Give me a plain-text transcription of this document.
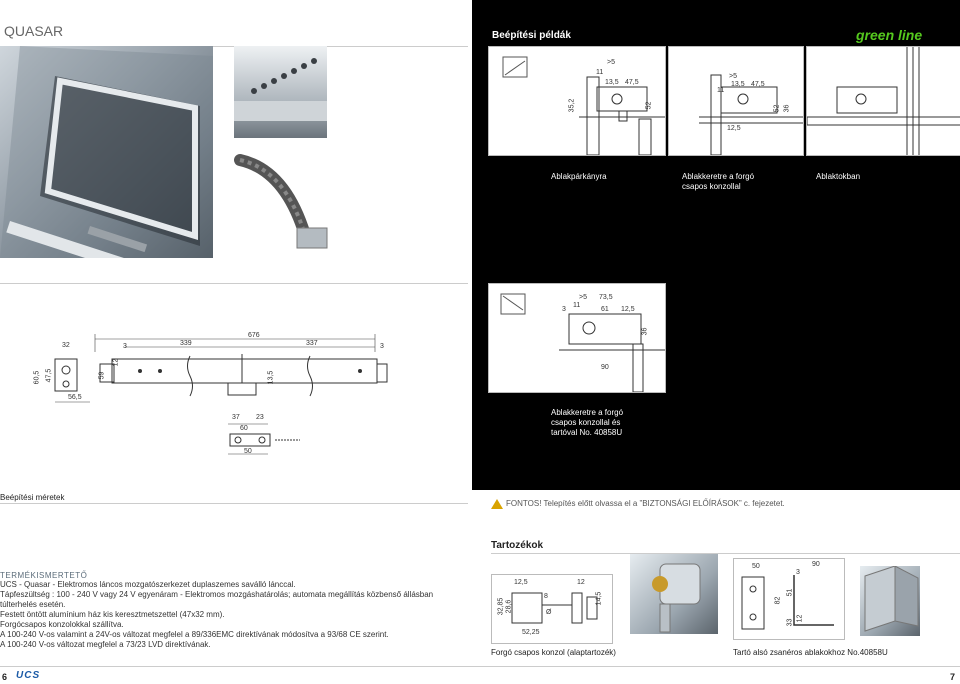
QUASAR
676
32	3	339	337	3
60,5 47,5	59
12
13,5
56,5
37 23
60
50
Beépítési méretek
TERMÉKISMERTETŐ
UCS - Quasar - Elektromos láncos mozgatószerkezet duplaszemes saválló lánccal.
Tápfeszültség : 100 - 240 V vagy 24 V egyenáram - Elektromos mozgáshatárolás; automata megállítás közbenső állásban
túlterhelés esetén.
Festett öntött alumínium ház kis keresztmetszettel (47x32 mm).
Forgócsapos konzolokkal szállítva.
A 100-240 V-os valamint a 24V-os változat megfelel a 89/336EMC direktívának módosítva a 93/68 CE szerint.
A 100-240 V-os változat megfelel a 73/23 LVD direktívának.
Beépítési példák	green line
>5
11
13,5 47,5
35,2	52
>5
11
13,5 47,5
52 36
12,5
Ablakpárkányra	Ablakkeretre a forgó csapos konzollal
Ablaktokban
>5 73,5
11
61 12,5
3
36
90
Ablakkeretre a forgó csapos konzollal és tartóval No. 40858U
FONTOS! Telepítés előtt olvassa el a ”BIZTONSÁGI ELŐÍRÁSOK” c. fejezetet.
Tartozékok
12,5	12
32,85 28,6
8
Ø
52,25
14,5
Forgó csapos konzol (alaptartozék)
50	90
3
82
51
33
12
Tartó alsó zsanéros ablakokhoz No.40858U
6 UCS	7
